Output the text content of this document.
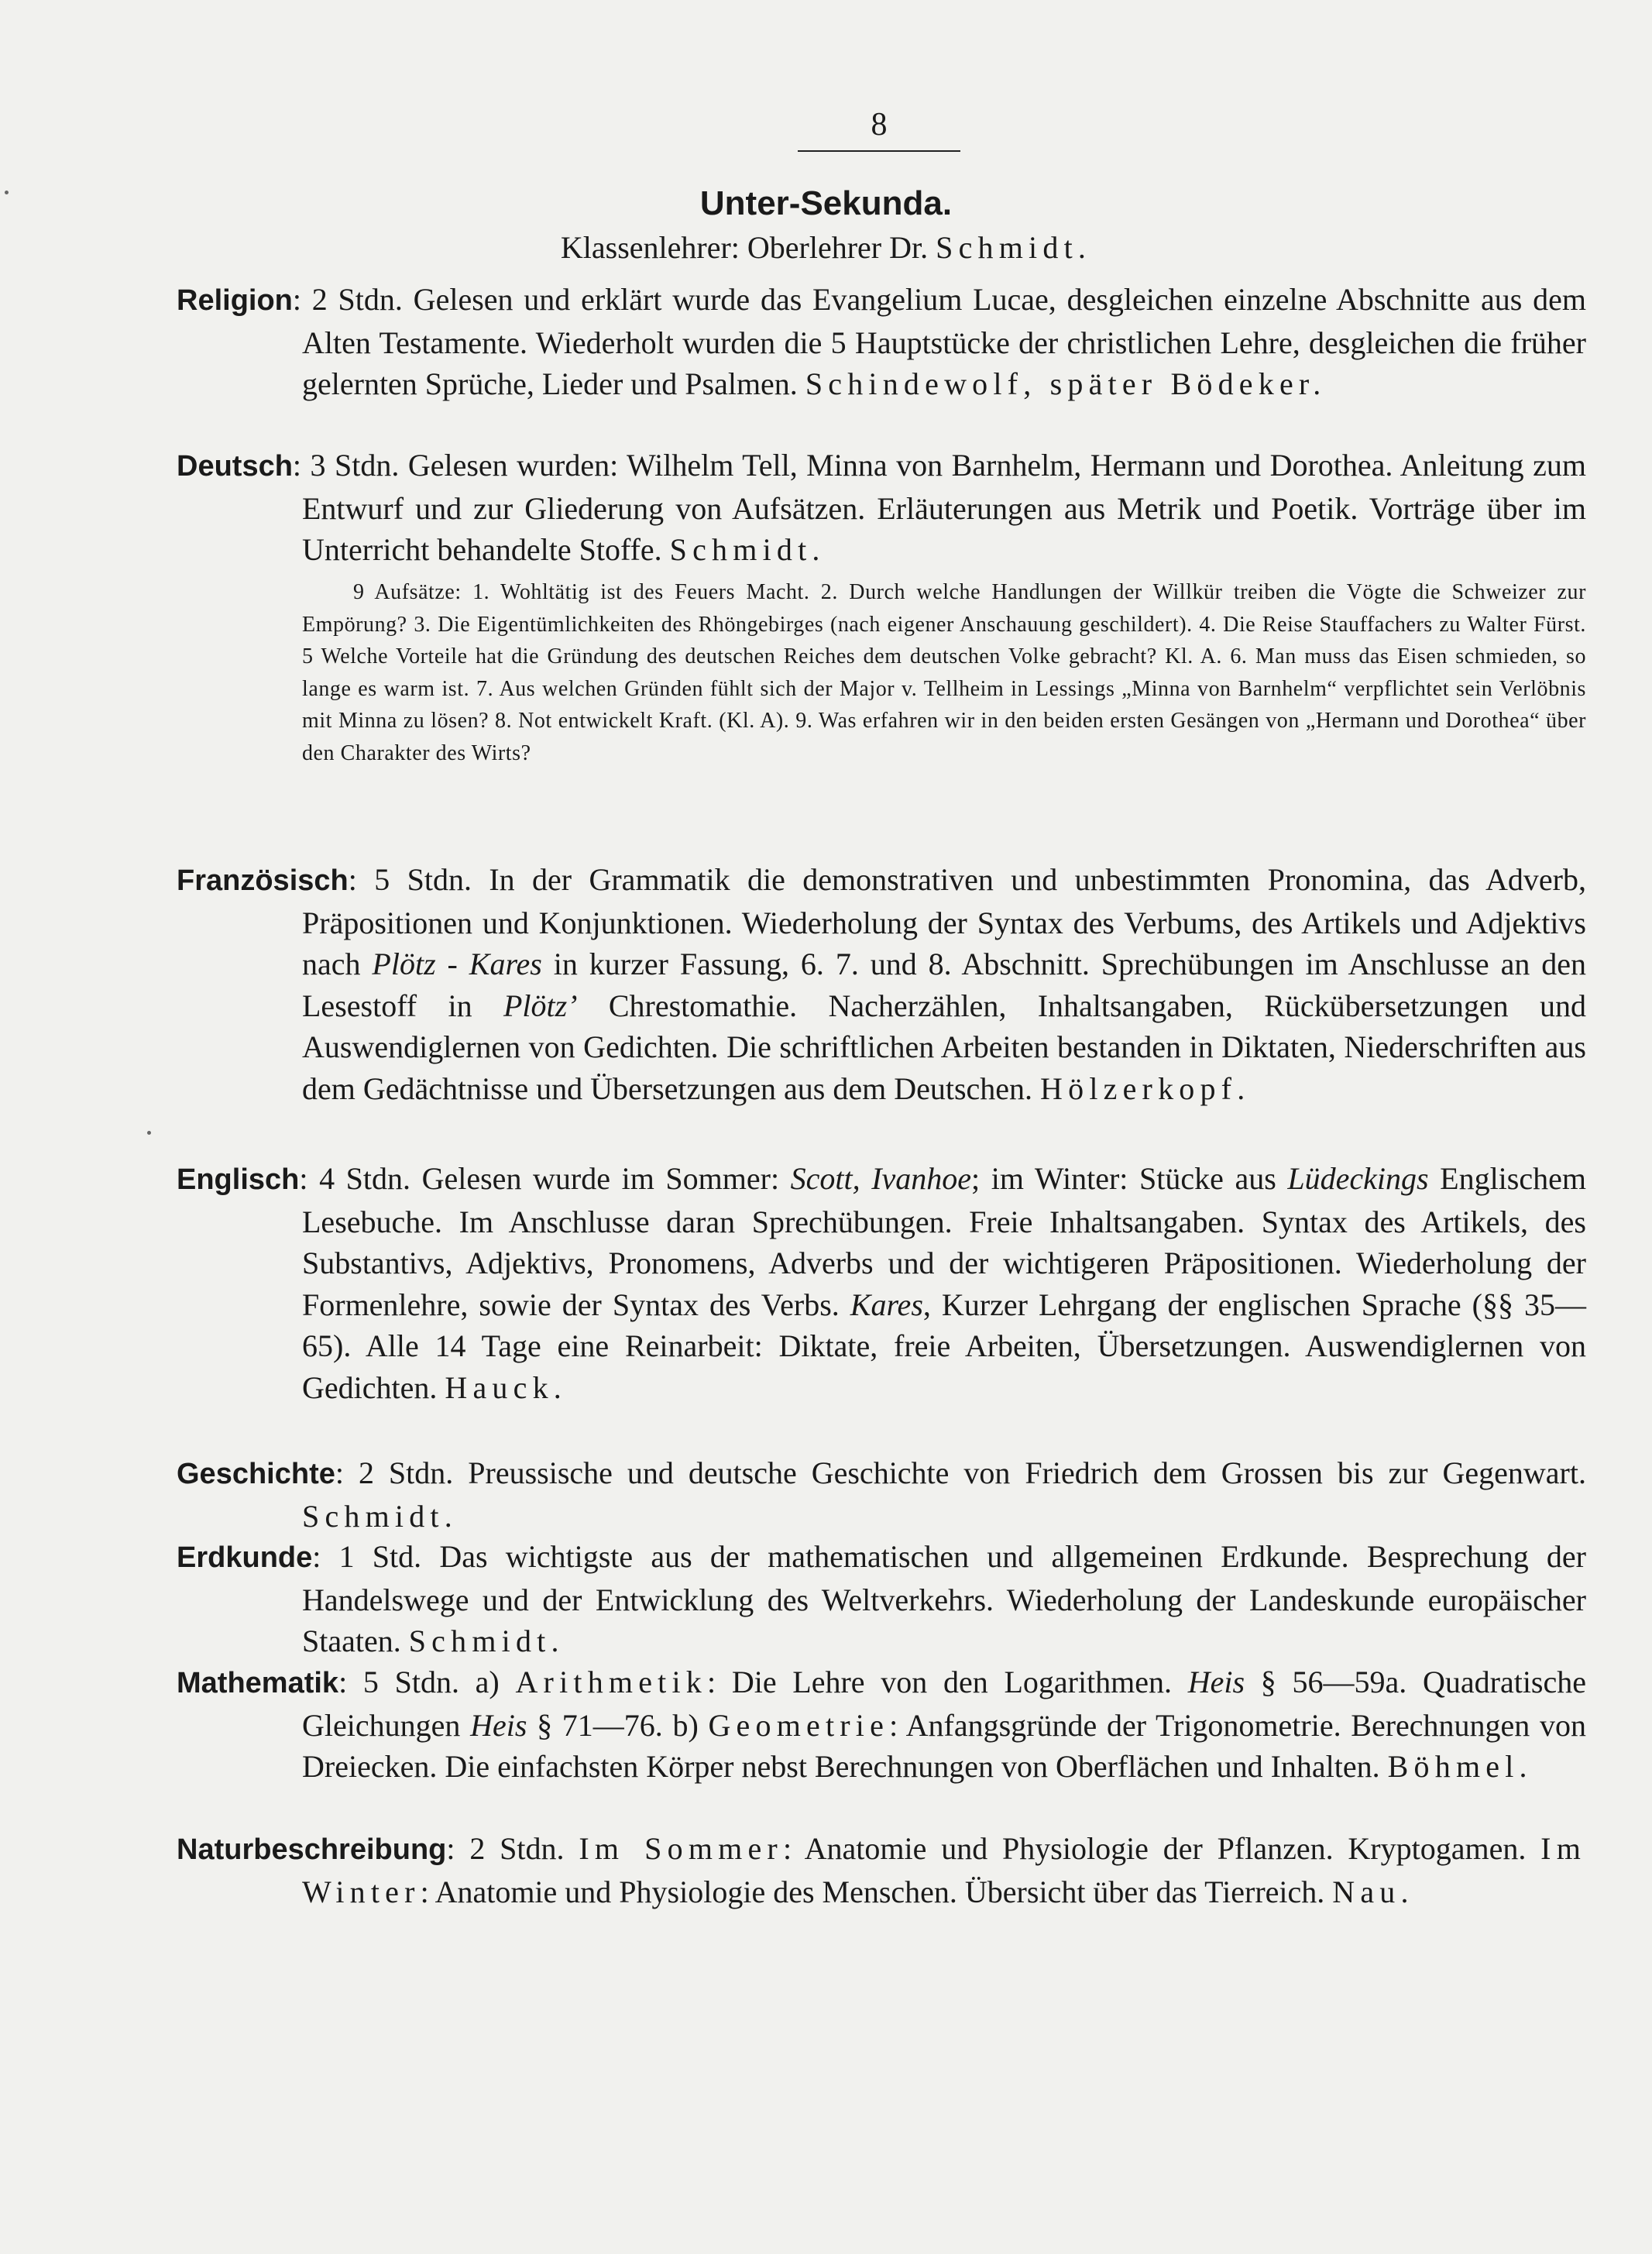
8
Unter-Sekunda.
Klassenlehrer: Oberlehrer Dr. Schmidt.
Religion: 2 Stdn. Gelesen und erklärt wurde das Evangelium Lucae, desgleichen einzelne Abschnitte aus dem Alten Testamente. Wiederholt wurden die 5 Hauptstücke der christlichen Lehre, desgleichen die früher gelernten Sprüche, Lieder und Psalmen. Schindewolf, später Bödeker.
Deutsch: 3 Stdn. Gelesen wurden: Wilhelm Tell, Minna von Barnhelm, Hermann und Dorothea. Anleitung zum Entwurf und zur Gliederung von Aufsätzen. Erläuterungen aus Metrik und Poetik. Vorträge über im Unterricht behandelte Stoffe. Schmidt.
9 Aufsätze: 1. Wohltätig ist des Feuers Macht. 2. Durch welche Handlungen der Willkür treiben die Vögte die Schweizer zur Empörung? 3. Die Eigentümlichkeiten des Rhöngebirges (nach eigener Anschauung geschildert). 4. Die Reise Stauffachers zu Walter Fürst. 5 Welche Vorteile hat die Gründung des deutschen Reiches dem deutschen Volke gebracht? Kl. A. 6. Man muss das Eisen schmieden, so lange es warm ist. 7. Aus welchen Gründen fühlt sich der Major v. Tellheim in Lessings „Minna von Barnhelm“ verpflichtet sein Verlöbnis mit Minna zu lösen? 8. Not entwickelt Kraft. (Kl. A). 9. Was erfahren wir in den beiden ersten Gesängen von „Hermann und Dorothea“ über den Charakter des Wirts?
Französisch: 5 Stdn. In der Grammatik die demonstrativen und unbestimmten Pronomina, das Adverb, Präpositionen und Konjunktionen. Wiederholung der Syntax des Verbums, des Artikels und Adjektivs nach Plötz - Kares in kurzer Fassung, 6. 7. und 8. Abschnitt. Sprechübungen im Anschlusse an den Lesestoff in Plötz’ Chrestomathie. Nacherzählen, Inhaltsangaben, Rückübersetzungen und Auswendiglernen von Gedichten. Die schriftlichen Arbeiten bestanden in Diktaten, Niederschriften aus dem Gedächtnisse und Übersetzungen aus dem Deutschen. Hölzerkopf.
Englisch: 4 Stdn. Gelesen wurde im Sommer: Scott, Ivanhoe; im Winter: Stücke aus Lüdeckings Englischem Lesebuche. Im Anschlusse daran Sprechübungen. Freie Inhaltsangaben. Syntax des Artikels, des Substantivs, Adjektivs, Pronomens, Adverbs und der wichtigeren Präpositionen. Wiederholung der Formenlehre, sowie der Syntax des Verbs. Kares, Kurzer Lehrgang der englischen Sprache (§§ 35—65). Alle 14 Tage eine Reinarbeit: Diktate, freie Arbeiten, Übersetzungen. Auswendiglernen von Gedichten. Hauck.
Geschichte: 2 Stdn. Preussische und deutsche Geschichte von Friedrich dem Grossen bis zur Gegenwart. Schmidt.
Erdkunde: 1 Std. Das wichtigste aus der mathematischen und allgemeinen Erdkunde. Besprechung der Handelswege und der Entwicklung des Weltverkehrs. Wiederholung der Landeskunde europäischer Staaten. Schmidt.
Mathematik: 5 Stdn. a) Arithmetik: Die Lehre von den Logarithmen. Heis § 56—59a. Quadratische Gleichungen Heis § 71—76. b) Geometrie: Anfangsgründe der Trigonometrie. Berechnungen von Dreiecken. Die einfachsten Körper nebst Berechnungen von Oberflächen und Inhalten. Böhmel.
Naturbeschreibung: 2 Stdn. Im Sommer: Anatomie und Physiologie der Pflanzen. Kryptogamen. Im Winter: Anatomie und Physiologie des Menschen. Übersicht über das Tierreich. Nau.
